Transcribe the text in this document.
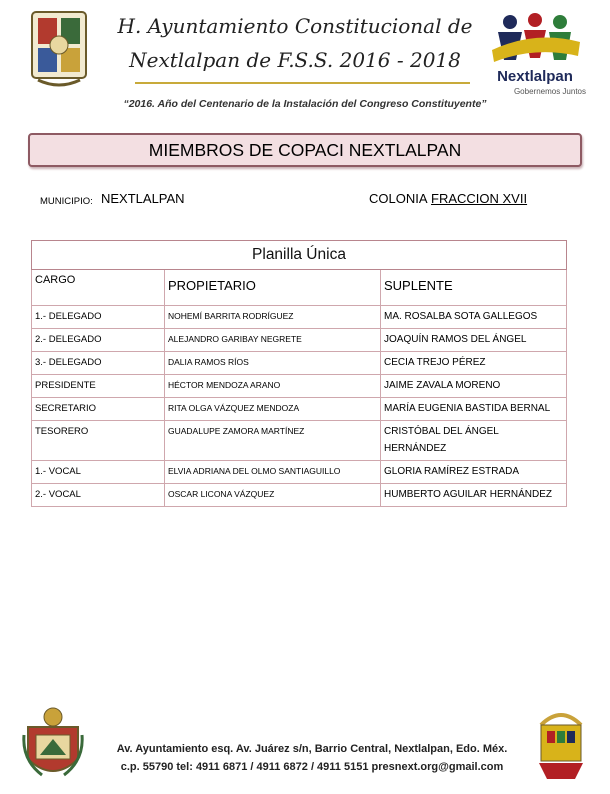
H. Ayuntamiento Constitucional de
Nextlalpan de F.S.S. 2016 - 2018
Nextlalpan
Gobernemos Juntos
“2016. Año del Centenario de la Instalación del Congreso Constituyente”
MIEMBROS DE COPACI NEXTLALPAN
MUNICIPIO: NEXTLALPAN	COLONIA FRACCION XVII
Planilla Única		
CARGO	PROPIETARIO	SUPLENTE
1.- DELEGADO	NOHEMÍ BARRITA RODRÍGUEZ	MA. ROSALBA SOTA GALLEGOS
2.- DELEGADO	ALEJANDRO GARIBAY NEGRETE	JOAQUÍN RAMOS DEL ÁNGEL
3.- DELEGADO	DALIA RAMOS RÍOS	CECIA TREJO PÉREZ
PRESIDENTE	HÉCTOR MENDOZA ARANO	JAIME ZAVALA MORENO
SECRETARIO	RITA OLGA VÁZQUEZ MENDOZA	MARÍA EUGENIA BASTIDA BERNAL
TESORERO	GUADALUPE ZAMORA MARTÍNEZ	CRISTÓBAL DEL ÁNGEL HERNÁNDEZ
1.- VOCAL	ELVIA ADRIANA DEL OLMO SANTIAGUILLO	GLORIA RAMÍREZ ESTRADA
2.- VOCAL	OSCAR LICONA VÁZQUEZ	HUMBERTO AGUILAR HERNÁNDEZ
Av. Ayuntamiento esq. Av. Juárez s/n, Barrio Central, Nextlalpan, Edo. Méx.
c.p. 55790 tel: 4911 6871 / 4911 6872 / 4911 5151 presnext.org@gmail.com
